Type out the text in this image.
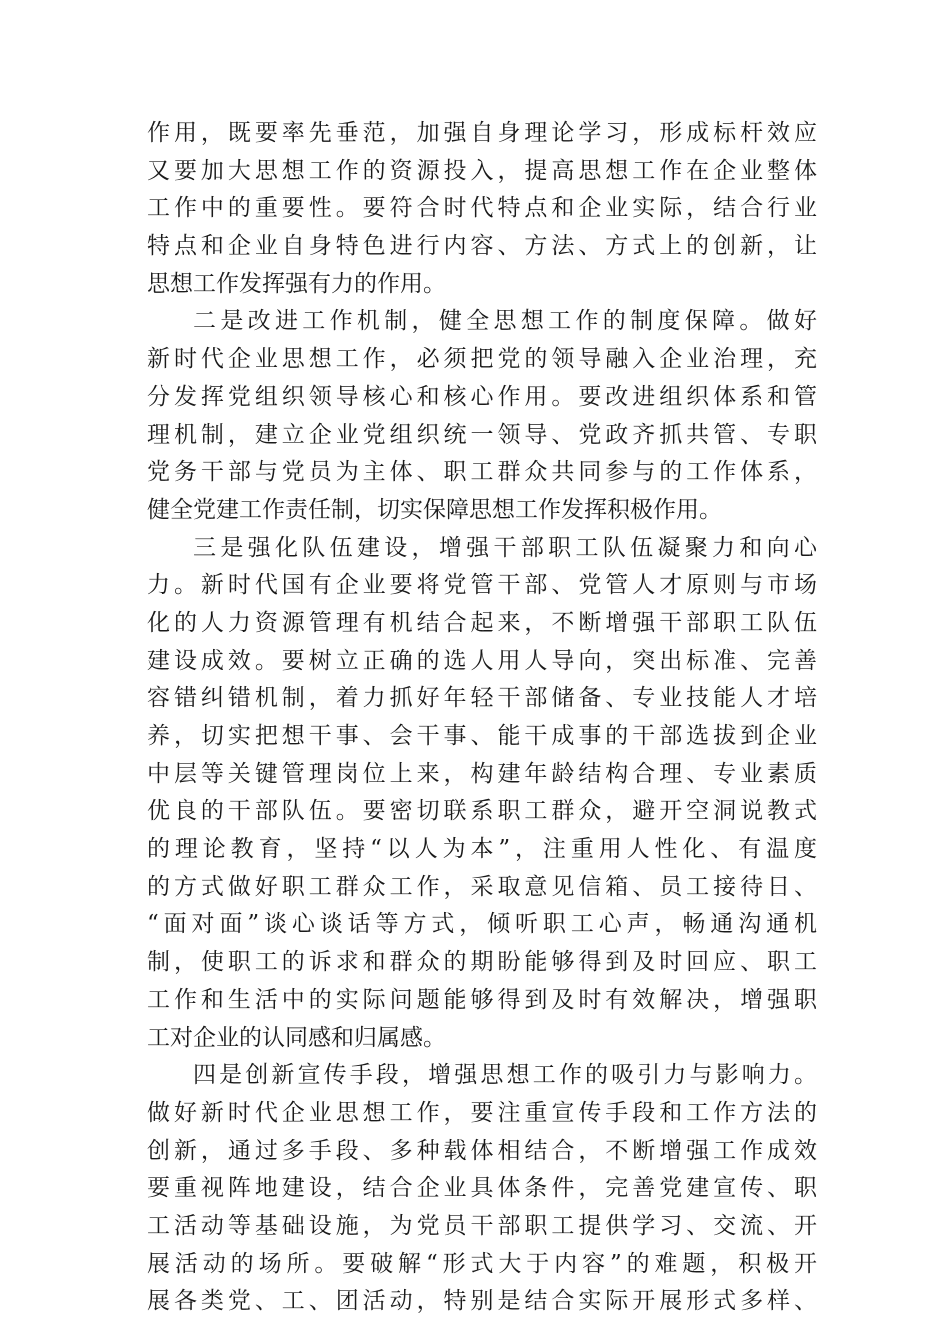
作用，既要率先垂范，加强自身理论学习，形成标杆效应
又要加大思想工作的资源投入，提高思想工作在企业整体
工作中的重要性。要符合时代特点和企业实际，结合行业
特点和企业自身特色进行内容、方法、方式上的创新，让
思想工作发挥强有力的作用。
二是改进工作机制，健全思想工作的制度保障。做好
新时代企业思想工作，必须把党的领导融入企业治理，充
分发挥党组织领导核心和核心作用。要改进组织体系和管
理机制，建立企业党组织统一领导、党政齐抓共管、专职
党务干部与党员为主体、职工群众共同参与的工作体系，
健全党建工作责任制，切实保障思想工作发挥积极作用。
三是强化队伍建设，增强干部职工队伍凝聚力和向心
力。新时代国有企业要将党管干部、党管人才原则与市场
化的人力资源管理有机结合起来，不断增强干部职工队伍
建设成效。要树立正确的选人用人导向，突出标准、完善
容错纠错机制，着力抓好年轻干部储备、专业技能人才培
养，切实把想干事、会干事、能干成事的干部选拔到企业
中层等关键管理岗位上来，构建年龄结构合理、专业素质
优良的干部队伍。要密切联系职工群众，避开空洞说教式
的理论教育，坚持“以人为本”，注重用人性化、有温度
的方式做好职工群众工作，采取意见信箱、员工接待日、
“面对面”谈心谈话等方式，倾听职工心声，畅通沟通机
制，使职工的诉求和群众的期盼能够得到及时回应、职工
工作和生活中的实际问题能够得到及时有效解决，增强职
工对企业的认同感和归属感。
四是创新宣传手段，增强思想工作的吸引力与影响力。
做好新时代企业思想工作，要注重宣传手段和工作方法的
创新，通过多手段、多种载体相结合，不断增强工作成效
要重视阵地建设，结合企业具体条件，完善党建宣传、职
工活动等基础设施，为党员干部职工提供学习、交流、开
展活动的场所。要破解“形式大于内容”的难题，积极开
展各类党、工、团活动，特别是结合实际开展形式多样、
